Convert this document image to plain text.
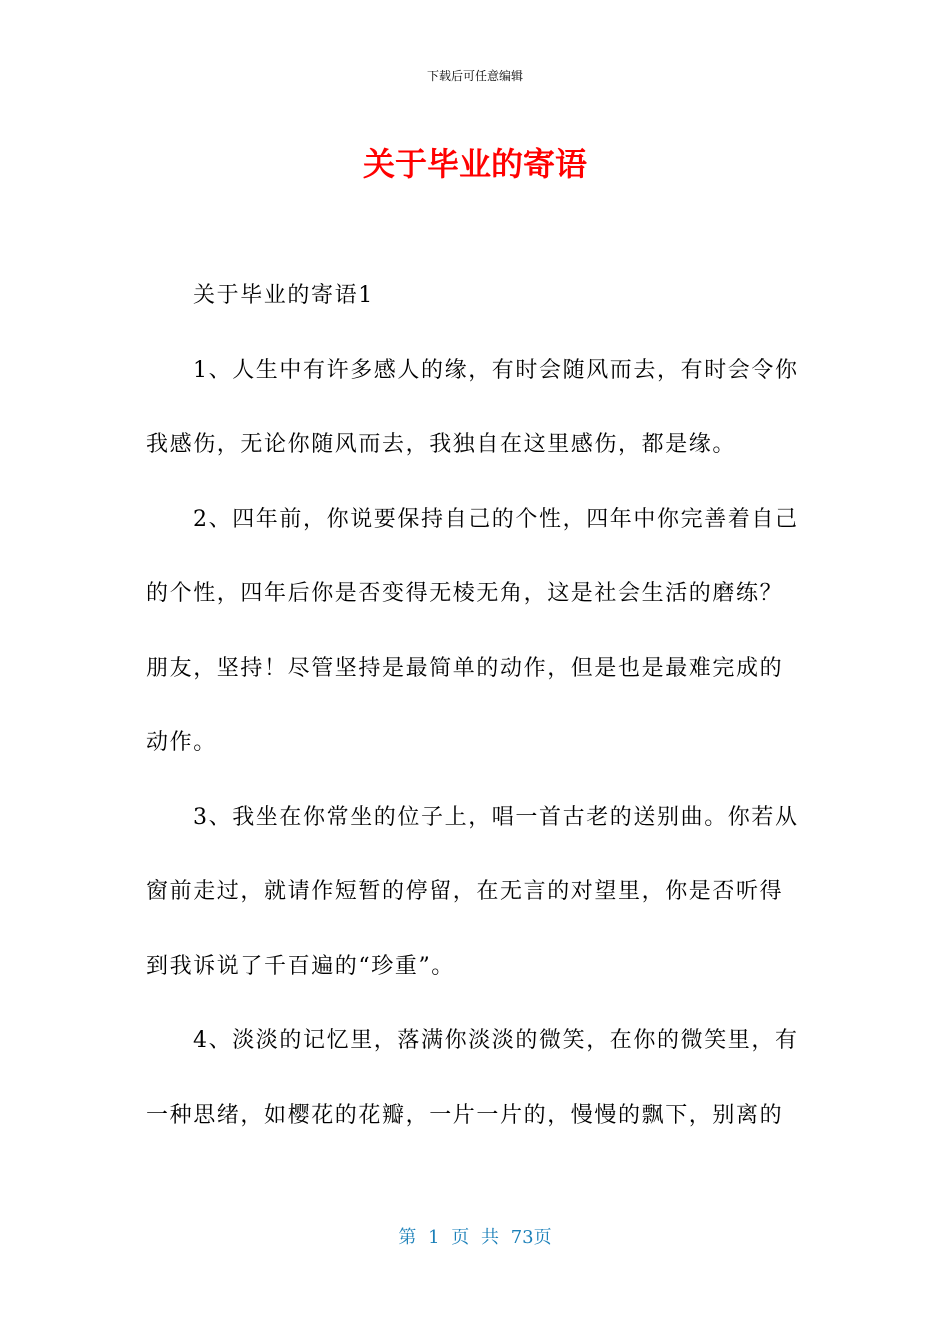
下载后可任意编辑
关于毕业的寄语

关于毕业的寄语1

1、人生中有许多感人的缘，有时会随风而去，有时会令你我感伤，无论你随风而去，我独自在这里感伤，都是缘。

2、四年前，你说要保持自己的个性，四年中你完善着自己的个性，四年后你是否变得无棱无角，这是社会生活的磨练？朋友，坚持！尽管坚持是最简单的动作，但是也是最难完成的动作。

3、我坐在你常坐的位子上，唱一首古老的送别曲。你若从窗前走过，就请作短暂的停留，在无言的对望里，你是否听得到我诉说了千百遍的“珍重”。

4、淡淡的记忆里，落满你淡淡的微笑，在你的微笑里，有一种思绪，如樱花的花瓣，一片一片的，慢慢的飘下，别离的

第 1 页 共 73页
